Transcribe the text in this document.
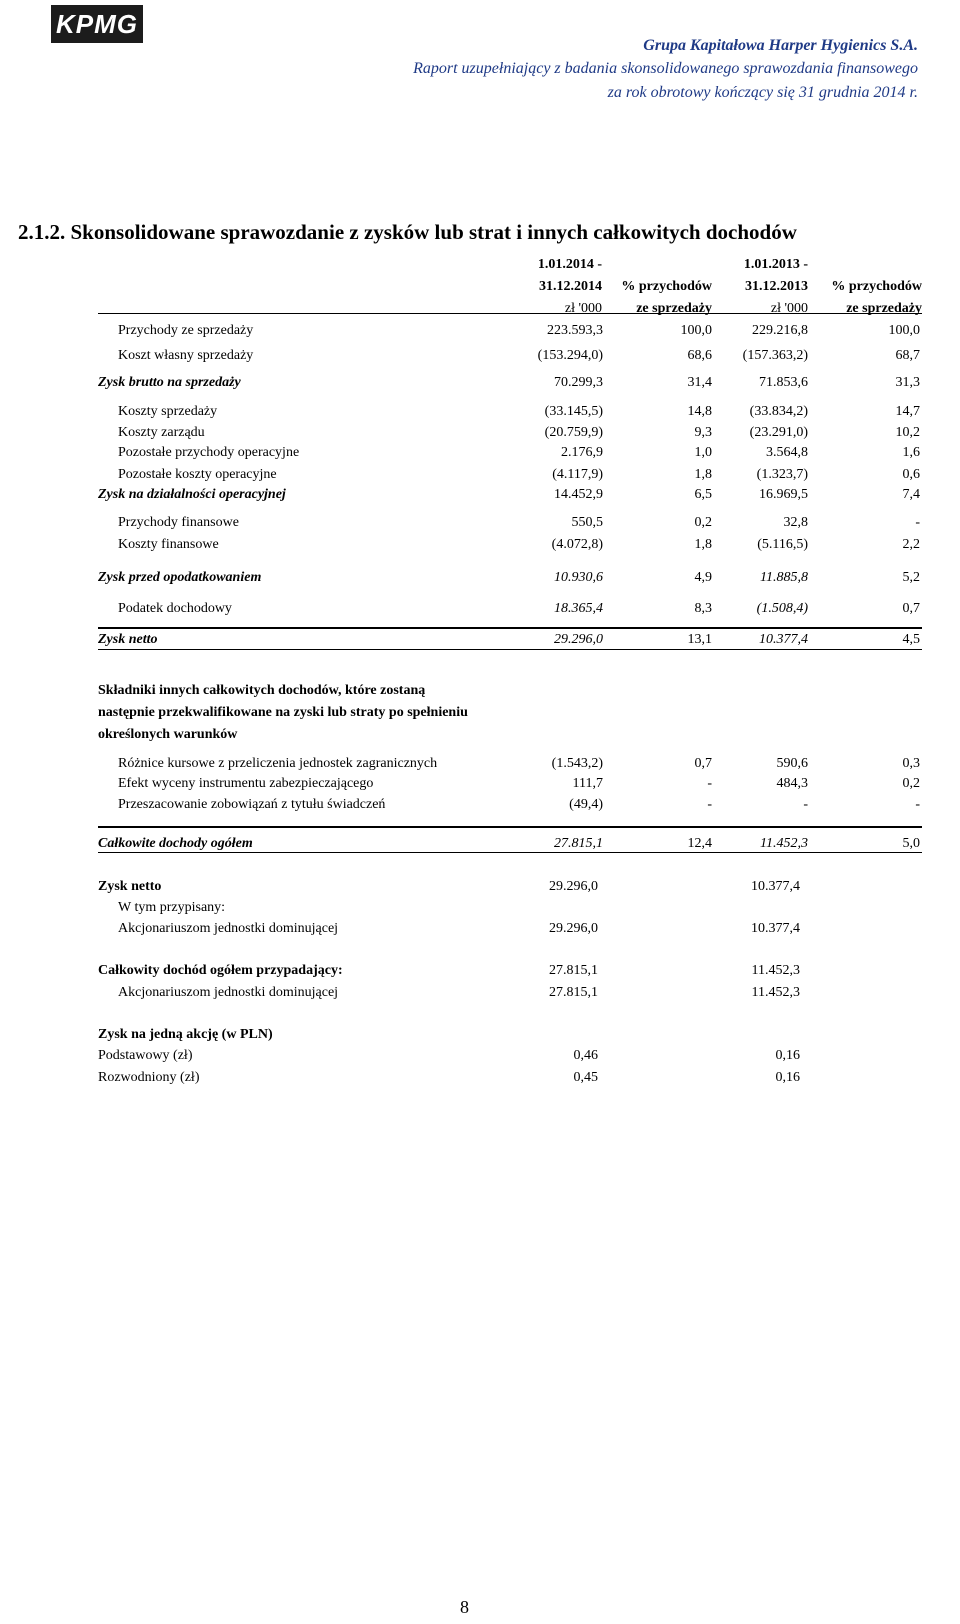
KPMG
Grupa Kapitałowa Harper Hygienics S.A.
Raport uzupełniający z badania skonsolidowanego sprawozdania finansowego
za rok obrotowy kończący się 31 grudnia 2014 r.
2.1.2. Skonsolidowane sprawozdanie z zysków lub strat i innych całkowitych dochodów
1.01.2014 -
31.12.2014
zł '000
% przychodów
ze sprzedaży
1.01.2013 -
31.12.2013
zł '000
% przychodów
ze sprzedaży
Przychody ze sprzedaży	223.593,3	100,0	229.216,8	100,0
Koszt własny sprzedaży	(153.294,0)	68,6	(157.363,2)	68,7
Zysk brutto na sprzedaży	70.299,3	31,4	71.853,6	31,3
Koszty sprzedaży	(33.145,5)	14,8	(33.834,2)	14,7
Koszty zarządu	(20.759,9)	9,3	(23.291,0)	10,2
Pozostałe przychody operacyjne	2.176,9	1,0	3.564,8	1,6
Pozostałe koszty operacyjne	(4.117,9)	1,8	(1.323,7)	0,6
Zysk na działalności operacyjnej	14.452,9	6,5	16.969,5	7,4
Przychody finansowe	550,5	0,2	32,8	-
Koszty finansowe	(4.072,8)	1,8	(5.116,5)	2,2
Zysk przed opodatkowaniem	10.930,6	4,9	11.885,8	5,2
Podatek dochodowy	18.365,4	8,3	(1.508,4)	0,7
Zysk netto	29.296,0	13,1	10.377,4	4,5
Różnice kursowe z przeliczenia jednostek zagranicznych	(1.543,2)	0,7	590,6	0,3
Efekt wyceny instrumentu zabezpieczającego	111,7	-	484,3	0,2
Przeszacowanie zobowiązań z tytułu świadczeń	(49,4)	-	-	-
Całkowite dochody ogółem	27.815,1	12,4	11.452,3	5,0
Zysk netto	29.296,0	10.377,4
W tym przypisany:
Akcjonariuszom jednostki dominującej	29.296,0	10.377,4
Całkowity dochód ogółem przypadający:	27.815,1	11.452,3
Akcjonariuszom jednostki dominującej	27.815,1	11.452,3
Podstawowy (zł)	0,46	0,16
Rozwodniony (zł)	0,45	0,16
Składniki innych całkowitych dochodów, które zostaną
następnie przekwalifikowane na zyski lub straty po spełnieniu
określonych warunków
Zysk na jedną akcję (w PLN)
8
